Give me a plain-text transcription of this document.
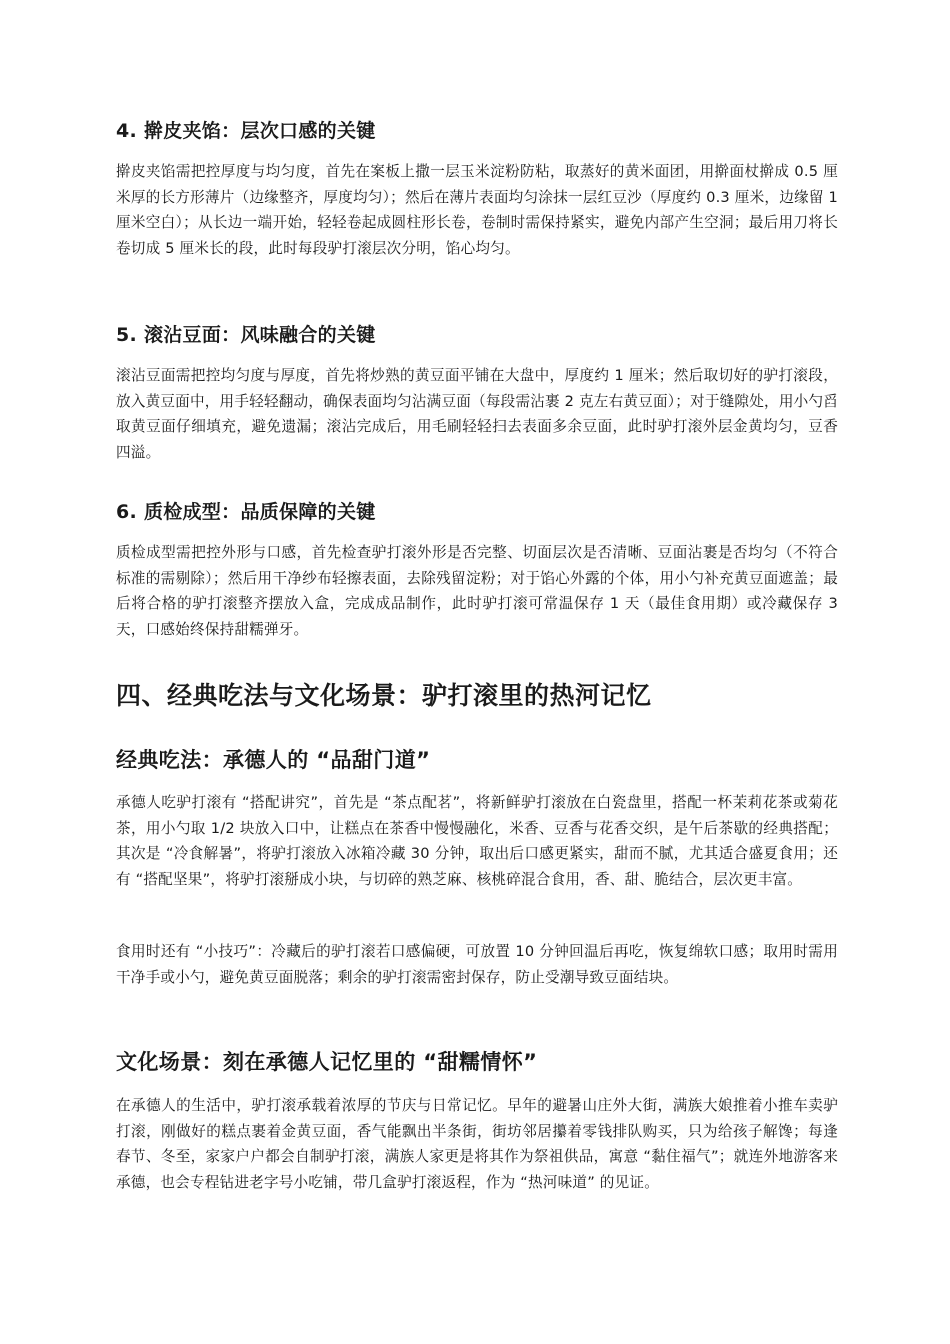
4. 擀皮夹馅：层次口感的关键

擀皮夹馅需把控厚度与均匀度，首先在案板上撒一层玉米淀粉防粘，取蒸好的黄米面团，用擀面杖擀成 0.5 厘米厚的长方形薄片（边缘整齐，厚度均匀）；然后在薄片表面均匀涂抹一层红豆沙（厚度约 0.3 厘米，边缘留 1 厘米空白）；从长边一端开始，轻轻卷起成圆柱形长卷，卷制时需保持紧实，避免内部产生空洞；最后用刀将长卷切成 5 厘米长的段，此时每段驴打滚层次分明，馅心均匀。

5. 滚沾豆面：风味融合的关键

滚沾豆面需把控均匀度与厚度，首先将炒熟的黄豆面平铺在大盘中，厚度约 1 厘米；然后取切好的驴打滚段，放入黄豆面中，用手轻轻翻动，确保表面均匀沾满豆面（每段需沾裹 2 克左右黄豆面）；对于缝隙处，用小勺舀取黄豆面仔细填充，避免遗漏；滚沾完成后，用毛刷轻轻扫去表面多余豆面，此时驴打滚外层金黄均匀，豆香四溢。

6. 质检成型：品质保障的关键

质检成型需把控外形与口感，首先检查驴打滚外形是否完整、切面层次是否清晰、豆面沾裹是否均匀（不符合标准的需剔除）；然后用干净纱布轻擦表面，去除残留淀粉；对于馅心外露的个体，用小勺补充黄豆面遮盖；最后将合格的驴打滚整齐摆放入盒，完成成品制作，此时驴打滚可常温保存 1 天（最佳食用期）或冷藏保存 3 天，口感始终保持甜糯弹牙。

四、经典吃法与文化场景：驴打滚里的热河记忆
经典吃法：承德人的 “品甜门道”

承德人吃驴打滚有 “搭配讲究”，首先是 “茶点配茗”，将新鲜驴打滚放在白瓷盘里，搭配一杯茉莉花茶或菊花茶，用小勺取 1/2 块放入口中，让糕点在茶香中慢慢融化，米香、豆香与花香交织，是午后茶歇的经典搭配；其次是 “冷食解暑”，将驴打滚放入冰箱冷藏 30 分钟，取出后口感更紧实，甜而不腻，尤其适合盛夏食用；还有 “搭配坚果”，将驴打滚掰成小块，与切碎的熟芝麻、核桃碎混合食用，香、甜、脆结合，层次更丰富。

食用时还有 “小技巧”：冷藏后的驴打滚若口感偏硬，可放置 10 分钟回温后再吃，恢复绵软口感；取用时需用干净手或小勺，避免黄豆面脱落；剩余的驴打滚需密封保存，防止受潮导致豆面结块。

文化场景：刻在承德人记忆里的 “甜糯情怀”

在承德人的生活中，驴打滚承载着浓厚的节庆与日常记忆。早年的避暑山庄外大街，满族大娘推着小推车卖驴打滚，刚做好的糕点裹着金黄豆面，香气能飘出半条街，街坊邻居攥着零钱排队购买，只为给孩子解馋；每逢春节、冬至，家家户户都会自制驴打滚，满族人家更是将其作为祭祖供品，寓意 “黏住福气”；就连外地游客来承德，也会专程钻进老字号小吃铺，带几盒驴打滚返程，作为 “热河味道” 的见证。
